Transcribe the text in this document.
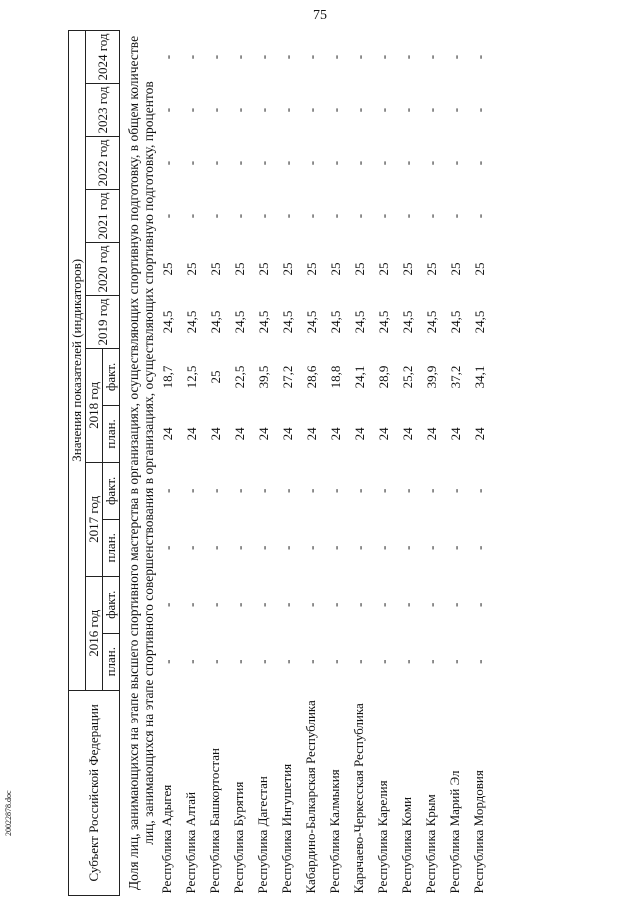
75
20022878.doc	Субъект Российской Федерации	Значения показателей (индикаторов)											
	2016 год		2017 год		2018 год		2019 год	2020 год	2021 год	2022 год	2023 год	2024 год
	план.	факт.	план.	факт.	план.	факт.						
Доля лиц, занимающихся на этапе высшего спортивного мастерства в организациях, осуществляющих спортивную подготовку, в общем количестве лиц, занимающихся на этапе спортивного совершенствования в организациях, осуществляющих спортивную подготовку, процентов												
Республика Адыгея	-	-	-	-	24	18,7	24,5	25	-	-	-	-
Республика Алтай	-	-	-	-	24	12,5	24,5	25	-	-	-	-
Республика Башкортостан	-	-	-	-	24	25	24,5	25	-	-	-	-
Республика Бурятия	-	-	-	-	24	22,5	24,5	25	-	-	-	-
Республика Дагестан	-	-	-	-	24	39,5	24,5	25	-	-	-	-
Республика Ингушетия	-	-	-	-	24	27,2	24,5	25	-	-	-	-
Кабардино-Балкарская Республика	-	-	-	-	24	28,6	24,5	25	-	-	-	-
Республика Калмыкия	-	-	-	-	24	18,8	24,5	25	-	-	-	-
Карачаево-Черкесская Республика	-	-	-	-	24	24,1	24,5	25	-	-	-	-
Республика Карелия	-	-	-	-	24	28,9	24,5	25	-	-	-	-
Республика Коми	-	-	-	-	24	25,2	24,5	25	-	-	-	-
Республика Крым	-	-	-	-	24	39,9	24,5	25	-	-	-	-
Республика Марий Эл	-	-	-	-	24	37,2	24,5	25	-	-	-	-
Республика Мордовия	-	-	-	-	24	34,1	24,5	25	-	-	-	-
